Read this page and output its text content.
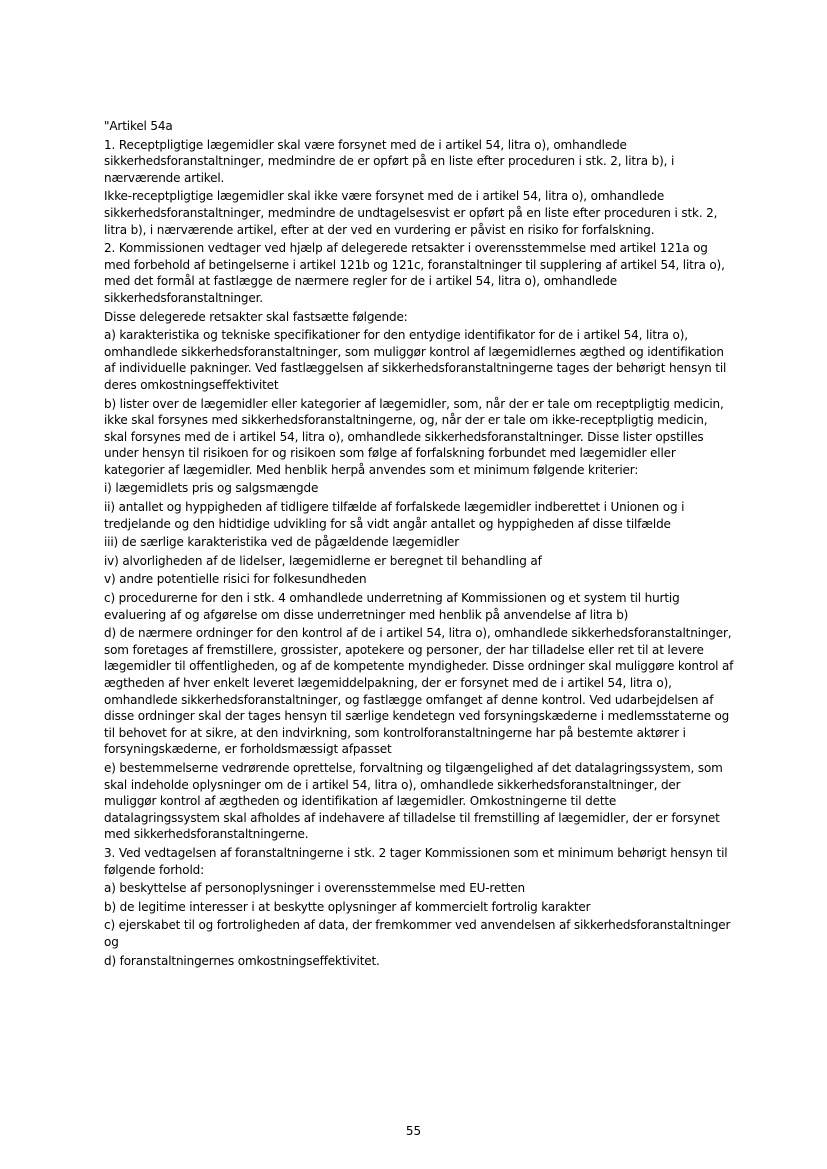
"Artikel 54a

1. Receptpligtige lægemidler skal være forsynet med de i artikel 54, litra o), omhandlede sikkerhedsforanstaltninger, medmindre de er opført på en liste efter proceduren i stk. 2, litra b), i nærværende artikel.

Ikke-receptpligtige lægemidler skal ikke være forsynet med de i artikel 54, litra o), omhandlede sikkerhedsforanstaltninger, medmindre de undtagelsesvist er opført på en liste efter proceduren i stk. 2, litra b), i nærværende artikel, efter at der ved en vurdering er påvist en risiko for forfalskning.

2. Kommissionen vedtager ved hjælp af delegerede retsakter i overensstemmelse med artikel 121a og med forbehold af betingelserne i artikel 121b og 121c, foranstaltninger til supplering af artikel 54, litra o), med det formål at fastlægge de nærmere regler for de i artikel 54, litra o), omhandlede sikkerhedsforanstaltninger.

Disse delegerede retsakter skal fastsætte følgende:

a) karakteristika og tekniske specifikationer for den entydige identifikator for de i artikel 54, litra o), omhandlede sikkerhedsforanstaltninger, som muliggør kontrol af lægemidlernes ægthed og identifikation af individuelle pakninger. Ved fastlæggelsen af sikkerhedsforanstaltningerne tages der behørigt hensyn til deres omkostningseffektivitet

b) lister over de lægemidler eller kategorier af lægemidler, som, når der er tale om receptpligtig medicin, ikke skal forsynes med sikkerhedsforanstaltningerne, og, når der er tale om ikke-receptpligtig medicin, skal forsynes med de i artikel 54, litra o), omhandlede sikkerhedsforanstaltninger. Disse lister opstilles under hensyn til risikoen for og risikoen som følge af forfalskning forbundet med lægemidler eller kategorier af lægemidler. Med henblik herpå anvendes som et minimum følgende kriterier:

i) lægemidlets pris og salgsmængde

ii) antallet og hyppigheden af tidligere tilfælde af forfalskede lægemidler indberettet i Unionen og i tredjelande og den hidtidige udvikling for så vidt angår antallet og hyppigheden af disse tilfælde

iii) de særlige karakteristika ved de pågældende lægemidler

iv) alvorligheden af de lidelser, lægemidlerne er beregnet til behandling af

v) andre potentielle risici for folkesundheden

c) procedurerne for den i stk. 4 omhandlede underretning af Kommissionen og et system til hurtig evaluering af og afgørelse om disse underretninger med henblik på anvendelse af litra b)

d) de nærmere ordninger for den kontrol af de i artikel 54, litra o), omhandlede sikkerhedsforanstaltninger, som foretages af fremstillere, grossister, apotekere og personer, der har tilladelse eller ret til at levere lægemidler til offentligheden, og af de kompetente myndigheder. Disse ordninger skal muliggøre kontrol af ægtheden af hver enkelt leveret lægemiddelpakning, der er forsynet med de i artikel 54, litra o), omhandlede sikkerhedsforanstaltninger, og fastlægge omfanget af denne kontrol. Ved udarbejdelsen af disse ordninger skal der tages hensyn til særlige kendetegn ved forsyningskæderne i medlemsstaterne og til behovet for at sikre, at den indvirkning, som kontrolforanstaltningerne har på bestemte aktører i forsyningskæderne, er forholdsmæssigt afpasset

e) bestemmelserne vedrørende oprettelse, forvaltning og tilgængelighed af det datalagringssystem, som skal indeholde oplysninger om de i artikel 54, litra o), omhandlede sikkerhedsforanstaltninger, der muliggør kontrol af ægtheden og identifikation af lægemidler. Omkostningerne til dette datalagringssystem skal afholdes af indehavere af tilladelse til fremstilling af lægemidler, der er forsynet med sikkerhedsforanstaltningerne.

3. Ved vedtagelsen af foranstaltningerne i stk. 2 tager Kommissionen som et minimum behørigt hensyn til følgende forhold:

a) beskyttelse af personoplysninger i overensstemmelse med EU-retten

b) de legitime interesser i at beskytte oplysninger af kommercielt fortrolig karakter

c) ejerskabet til og fortroligheden af data, der fremkommer ved anvendelsen af sikkerhedsforanstaltninger og

d) foranstaltningernes omkostningseffektivitet.

55
